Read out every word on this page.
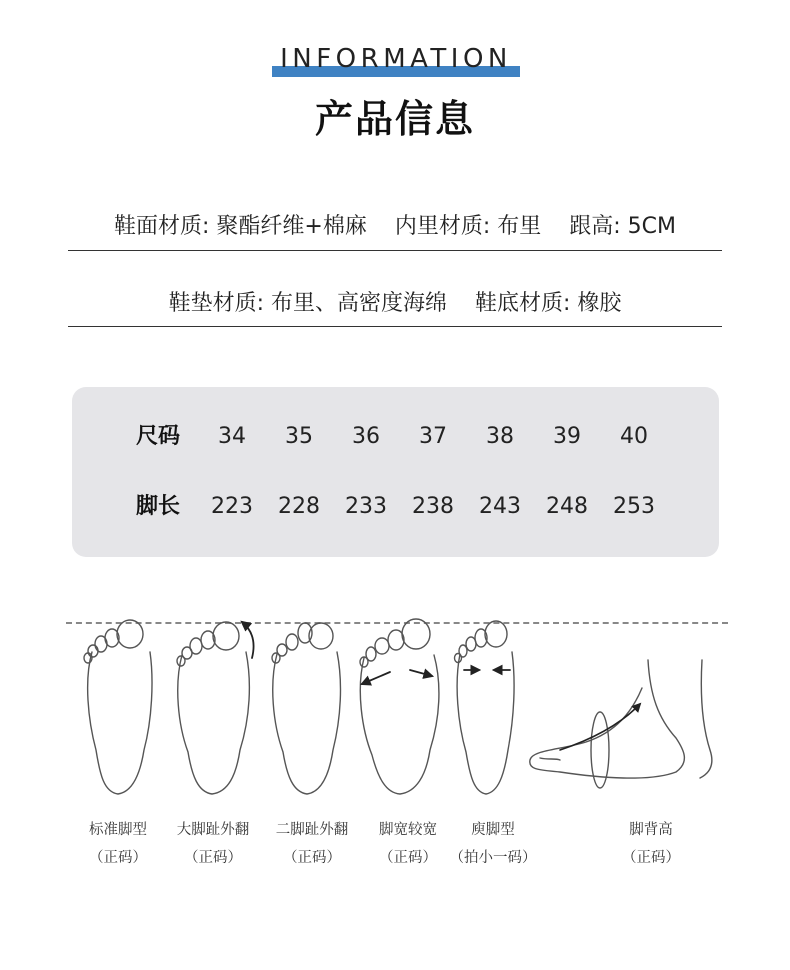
INFORMATION
产品信息
鞋面材质: 聚酯纤维+棉麻 内里材质: 布里 跟高: 5CM
鞋垫材质: 布里、高密度海绵 鞋底材质: 橡胶
尺码	34	35	36	37	38	39	40
脚长	223	228	233	238	243	248	253
标准脚型
（正码）
大脚趾外翻
（正码）
二脚趾外翻
（正码）
脚宽较宽
（正码）
庾脚型
（拍小一码）
脚背高
（正码）
